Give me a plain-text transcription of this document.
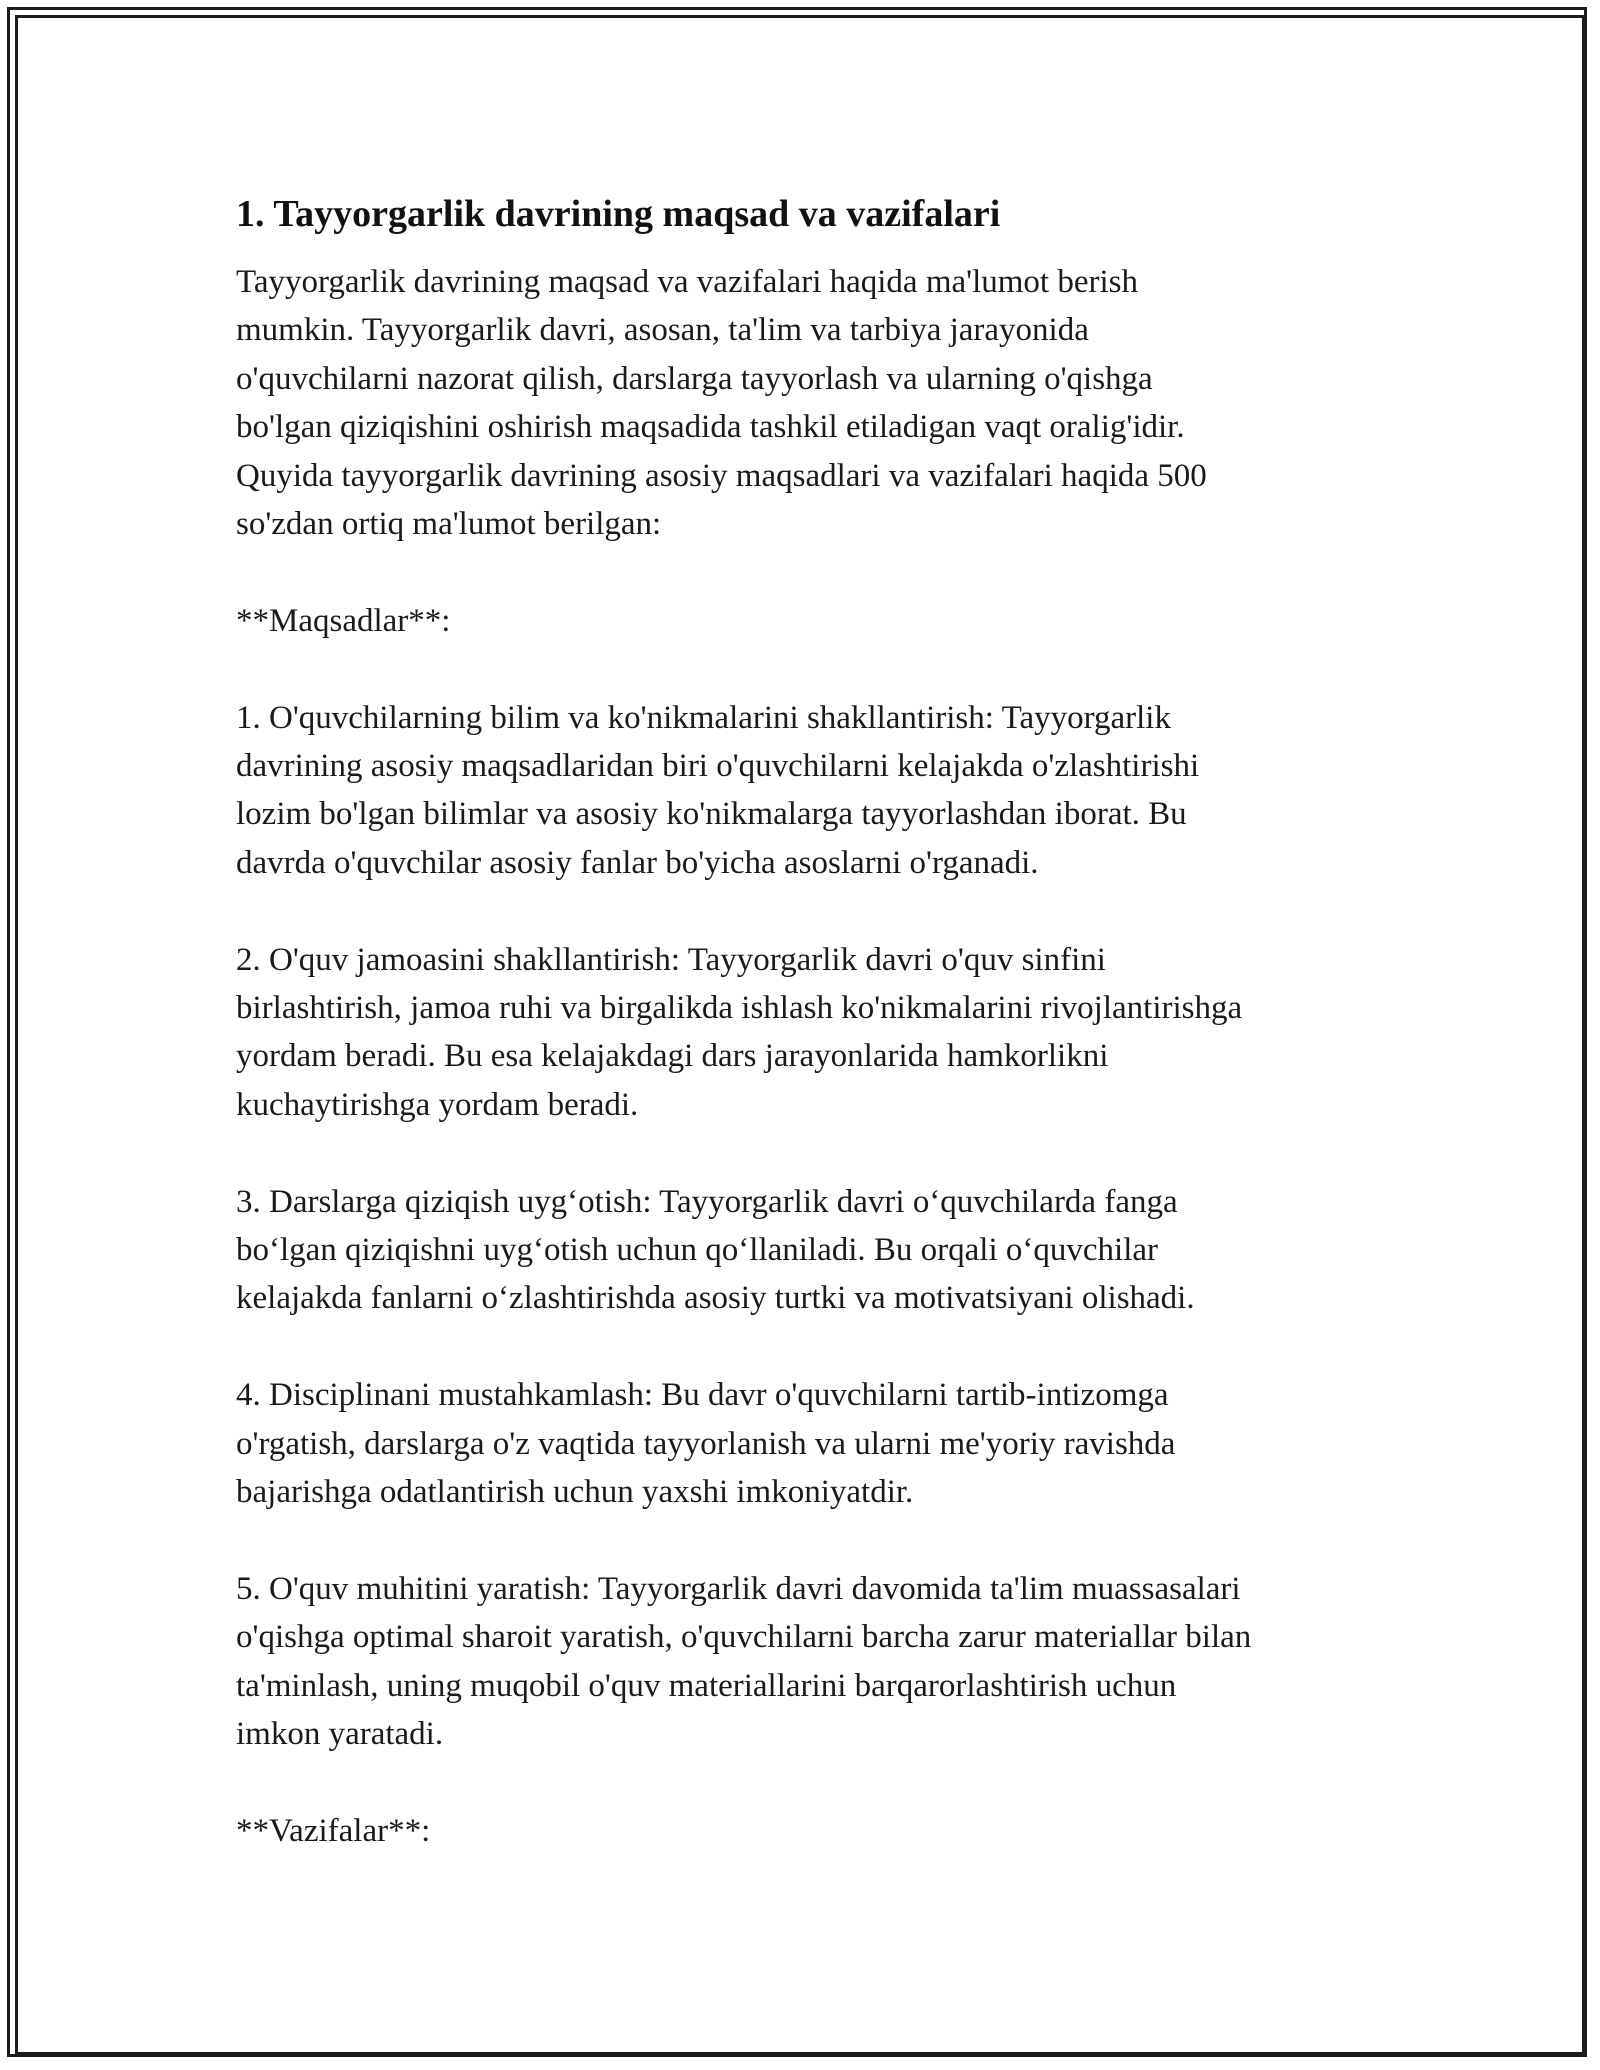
1. Tayyorgarlik davrining maqsad va vazifalari

Tayyorgarlik davrining maqsad va vazifalari haqida ma'lumot berish
mumkin. Tayyorgarlik davri, asosan, ta'lim va tarbiya jarayonida
o'quvchilarni nazorat qilish, darslarga tayyorlash va ularning o'qishga
bo'lgan qiziqishini oshirish maqsadida tashkil etiladigan vaqt oralig'idir.
Quyida tayyorgarlik davrining asosiy maqsadlari va vazifalari haqida 500
so'zdan ortiq ma'lumot berilgan:

**Maqsadlar**:

1. O'quvchilarning bilim va ko'nikmalarini shakllantirish: Tayyorgarlik
davrining asosiy maqsadlaridan biri o'quvchilarni kelajakda o'zlashtirishi
lozim bo'lgan bilimlar va asosiy ko'nikmalarga tayyorlashdan iborat. Bu
davrda o'quvchilar asosiy fanlar bo'yicha asoslarni o'rganadi.

2. O'quv jamoasini shakllantirish: Tayyorgarlik davri o'quv sinfini
birlashtirish, jamoa ruhi va birgalikda ishlash ko'nikmalarini rivojlantirishga
yordam beradi. Bu esa kelajakdagi dars jarayonlarida hamkorlikni
kuchaytirishga yordam beradi.

3. Darslarga qiziqish uyg‘otish: Tayyorgarlik davri o‘quvchilarda fanga
bo‘lgan qiziqishni uyg‘otish uchun qo‘llaniladi. Bu orqali o‘quvchilar
kelajakda fanlarni o‘zlashtirishda asosiy turtki va motivatsiyani olishadi.

4. Disciplinani mustahkamlash: Bu davr o'quvchilarni tartib-intizomga
o'rgatish, darslarga o'z vaqtida tayyorlanish va ularni me'yoriy ravishda
bajarishga odatlantirish uchun yaxshi imkoniyatdir.

5. O'quv muhitini yaratish: Tayyorgarlik davri davomida ta'lim muassasalari
o'qishga optimal sharoit yaratish, o'quvchilarni barcha zarur materiallar bilan
ta'minlash, uning muqobil o'quv materiallarini barqarorlashtirish uchun
imkon yaratadi.

**Vazifalar**:
